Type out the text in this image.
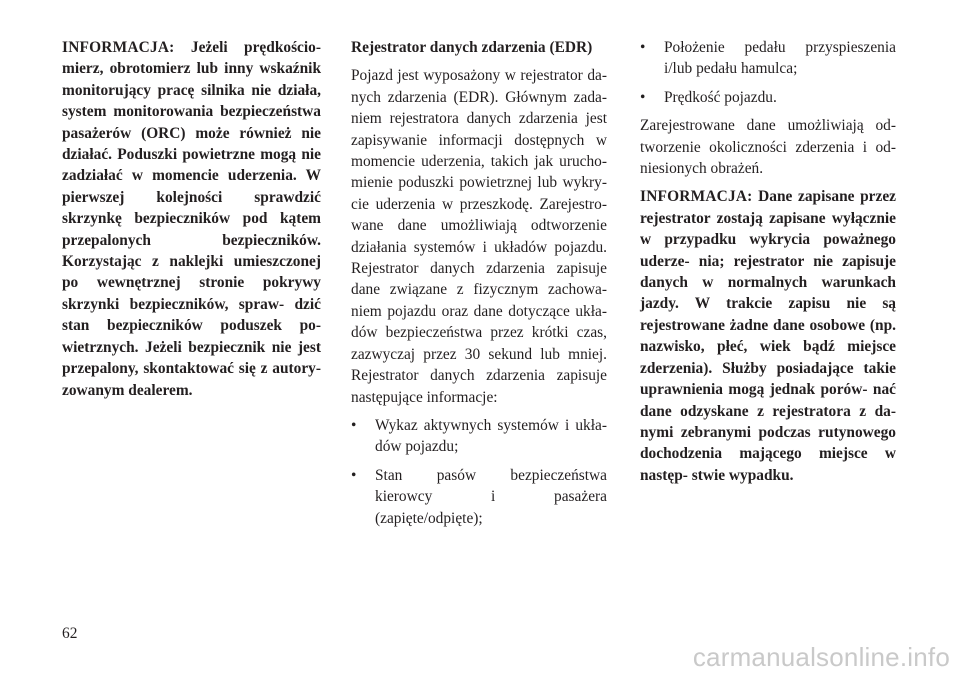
INFORMACJA: Jeżeli prędkościo- mierz, obrotomierz lub inny wskaźnik monitorujący pracę silnika nie działa, system monitorowania bezpieczeństwa pasażerów (ORC) może również nie działać. Poduszki powietrzne mogą nie zadziałać w momencie uderzenia. W pierwszej kolejności sprawdzić skrzynkę bezpieczników pod kątem przepalonych bezpieczników. Korzystając z naklejki umieszczonej po wewnętrznej stronie pokrywy skrzynki bezpieczników, spraw- dzić stan bezpieczników poduszek po- wietrznych. Jeżeli bezpiecznik nie jest przepalony, skontaktować się z autory- zowanym dealerem.

Rejestrator danych zdarzenia (EDR)

Pojazd jest wyposażony w rejestrator da- nych zdarzenia (EDR). Głównym zada- niem rejestratora danych zdarzenia jest zapisywanie informacji dostępnych w momencie uderzenia, takich jak urucho- mienie poduszki powietrznej lub wykry- cie uderzenia w przeszkodę. Zarejestro- wane dane umożliwiają odtworzenie działania systemów i układów pojazdu. Rejestrator danych zdarzenia zapisuje dane związane z fizycznym zachowa- niem pojazdu oraz dane dotyczące ukła- dów bezpieczeństwa przez krótki czas, zazwyczaj przez 30 sekund lub mniej. Rejestrator danych zdarzenia zapisuje następujące informacje:

• Wykaz aktywnych systemów i ukła- dów pojazdu;
• Stan pasów bezpieczeństwa kierowcy i pasażera (zapięte/odpięte);
• Położenie pedału przyspieszenia i/lub pedału hamulca;
• Prędkość pojazdu.

Zarejestrowane dane umożliwiają od- tworzenie okoliczności zderzenia i od- niesionych obrażeń.

INFORMACJA: Dane zapisane przez rejestrator zostają zapisane wyłącznie w przypadku wykrycia poważnego uderze- nia; rejestrator nie zapisuje danych w normalnych warunkach jazdy. W trakcie zapisu nie są rejestrowane żadne dane osobowe (np. nazwisko, płeć, wiek bądź miejsce zderzenia). Służby posiadające takie uprawnienia mogą jednak porów- nać dane odzyskane z rejestratora z da- nymi zebranymi podczas rutynowego dochodzenia mającego miejsce w następ- stwie wypadku.

62
carmanualsonline.info
